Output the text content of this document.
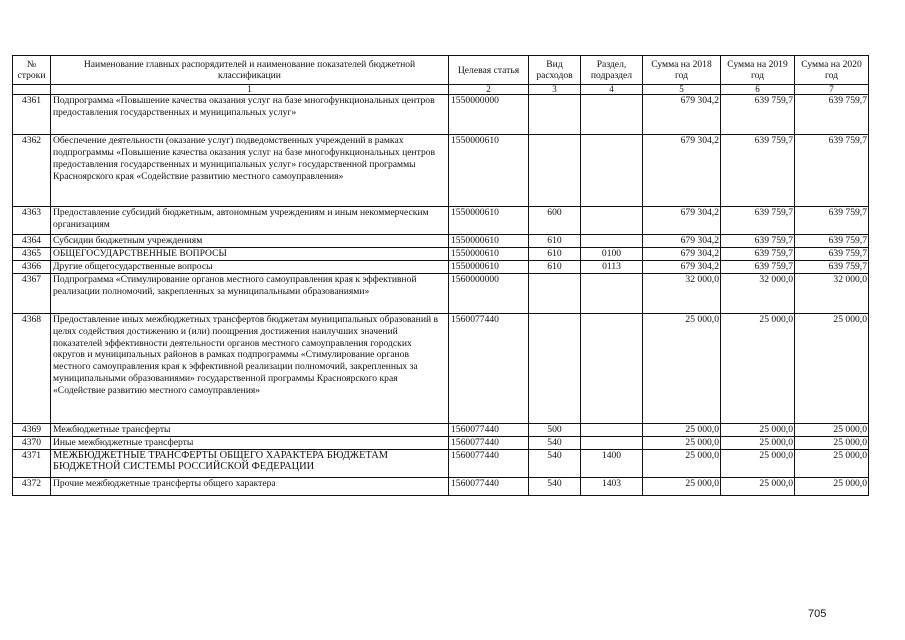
№ строки	Наименование главных распорядителей и наименование показателей бюджетной классификации	Целевая статья	Вид расходов	Раздел, подраздел	Сумма на 2018 год	Сумма на 2019 год	Сумма на 2020 год
	1	2	3	4	5	6	7
4361	Подпрограмма «Повышение качества оказания услуг на базе многофункциональных центров предоставления государственных и муниципальных услуг»	1550000000			679 304,2	639 759,7	639 759,7
4362	Обеспечение деятельности (оказание услуг) подведомственных учреждений в рамках подпрограммы «Повышение качества оказания услуг на базе многофункциональных центров предоставления государственных и муниципальных услуг» государственной программы Красноярского края «Содействие развитию местного самоуправления»	1550000610			679 304,2	639 759,7	639 759,7
4363	Предоставление субсидий бюджетным, автономным учреждениям и иным некоммерческим организациям	1550000610	600		679 304,2	639 759,7	639 759,7
4364	Субсидии бюджетным учреждениям	1550000610	610		679 304,2	639 759,7	639 759,7
4365	ОБЩЕГОСУДАРСТВЕННЫЕ ВОПРОСЫ	1550000610	610	0100	679 304,2	639 759,7	639 759,7
4366	Другие общегосударственные вопросы	1550000610	610	0113	679 304,2	639 759,7	639 759,7
4367	Подпрограмма «Стимулирование органов местного самоуправления края к эффективной реализации полномочий, закрепленных за муниципальными образованиями»	1560000000			32 000,0	32 000,0	32 000,0
4368	Предоставление иных межбюджетных трансфертов бюджетам муниципальных образований в целях содействия достижению и (или) поощрения достижения наилучших значений показателей эффективности деятельности органов местного самоуправления городских округов и муниципальных районов в рамках подпрограммы «Стимулирование органов местного самоуправления края к эффективной реализации полномочий, закрепленных за муниципальными образованиями» государственной программы Красноярского края «Содействие развитию местного самоуправления»	1560077440			25 000,0	25 000,0	25 000,0
4369	Межбюджетные трансферты	1560077440	500		25 000,0	25 000,0	25 000,0
4370	Иные межбюджетные трансферты	1560077440	540		25 000,0	25 000,0	25 000,0
4371	МЕЖБЮДЖЕТНЫЕ ТРАНСФЕРТЫ ОБЩЕГО ХАРАКТЕРА БЮДЖЕТАМ БЮДЖЕТНОЙ СИСТЕМЫ РОССИЙСКОЙ ФЕДЕРАЦИИ	1560077440	540	1400	25 000,0	25 000,0	25 000,0
4372	Прочие межбюджетные трансферты общего характера	1560077440	540	1403	25 000,0	25 000,0	25 000,0
705
